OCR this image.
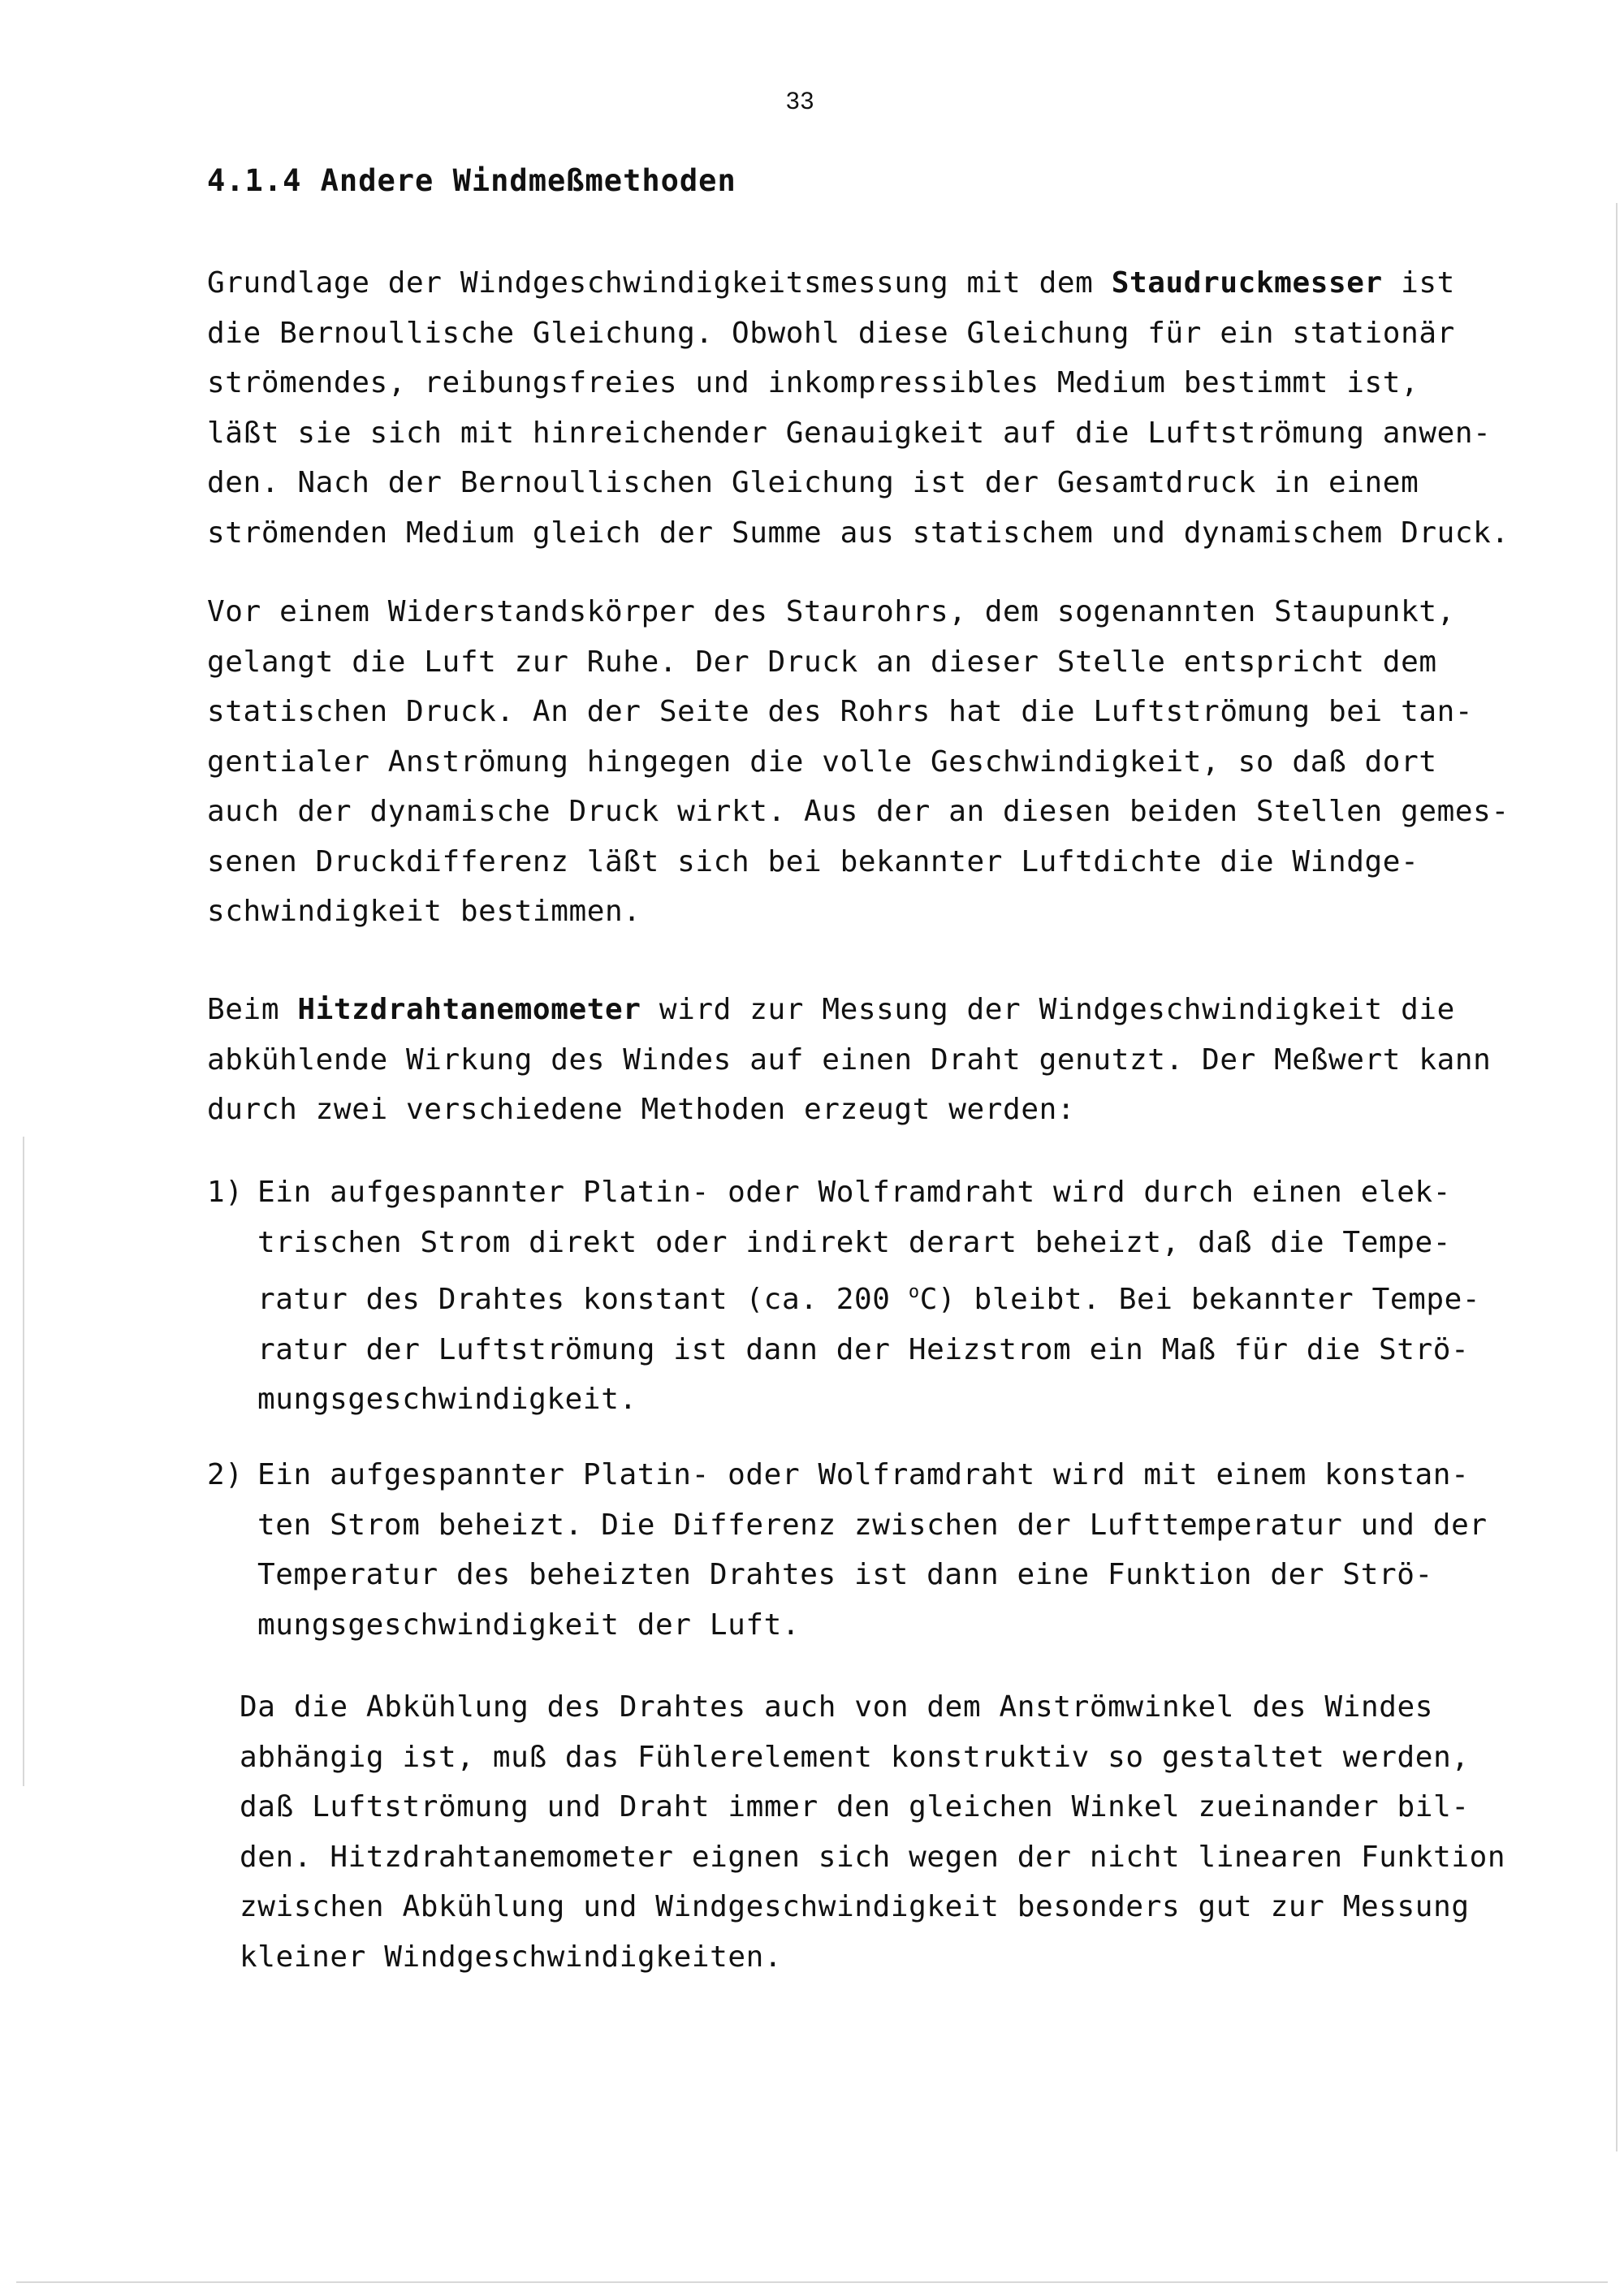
33
4.1.4 Andere Windmeßmethoden
Grundlage der Windgeschwindigkeitsmessung mit dem Staudruckmesser ist
die Bernoullische Gleichung. Obwohl diese Gleichung für ein stationär
strömendes, reibungsfreies und inkompressibles Medium bestimmt ist,
läßt sie sich mit hinreichender Genauigkeit auf die Luftströmung anwen-
den. Nach der Bernoullischen Gleichung ist der Gesamtdruck in einem
strömenden Medium gleich der Summe aus statischem und dynamischem Druck.
Vor einem Widerstandskörper des Staurohrs, dem sogenannten Staupunkt,
gelangt die Luft zur Ruhe. Der Druck an dieser Stelle entspricht dem
statischen Druck. An der Seite des Rohrs hat die Luftströmung bei tan-
gentialer Anströmung hingegen die volle Geschwindigkeit, so daß dort
auch der dynamische Druck wirkt. Aus der an diesen beiden Stellen gemes-
senen Druckdifferenz läßt sich bei bekannter Luftdichte die Windge-
schwindigkeit bestimmen.
Beim Hitzdrahtanemometer wird zur Messung der Windgeschwindigkeit die
abkühlende Wirkung des Windes auf einen Draht genutzt. Der Meßwert kann
durch zwei verschiedene Methoden erzeugt werden:
1) Ein aufgespannter Platin- oder Wolframdraht wird durch einen elek-
trischen Strom direkt oder indirekt derart beheizt, daß die Tempe-
ratur des Drahtes konstant (ca. 200 $^o$C) bleibt. Bei bekannter Tempe-
ratur der Luftströmung ist dann der Heizstrom ein Maß für die Strö-
mungsgeschwindigkeit.
2) Ein aufgespannter Platin- oder Wolframdraht wird mit einem konstan-
ten Strom beheizt. Die Differenz zwischen der Lufttemperatur und der
Temperatur des beheizten Drahtes ist dann eine Funktion der Strö-
mungsgeschwindigkeit der Luft.
Da die Abkühlung des Drahtes auch von dem Anströmwinkel des Windes
abhängig ist, muß das Fühlerelement konstruktiv so gestaltet werden,
daß Luftströmung und Draht immer den gleichen Winkel zueinander bil-
den. Hitzdrahtanemometer eignen sich wegen der nicht linearen Funktion
zwischen Abkühlung und Windgeschwindigkeit besonders gut zur Messung
kleiner Windgeschwindigkeiten.
